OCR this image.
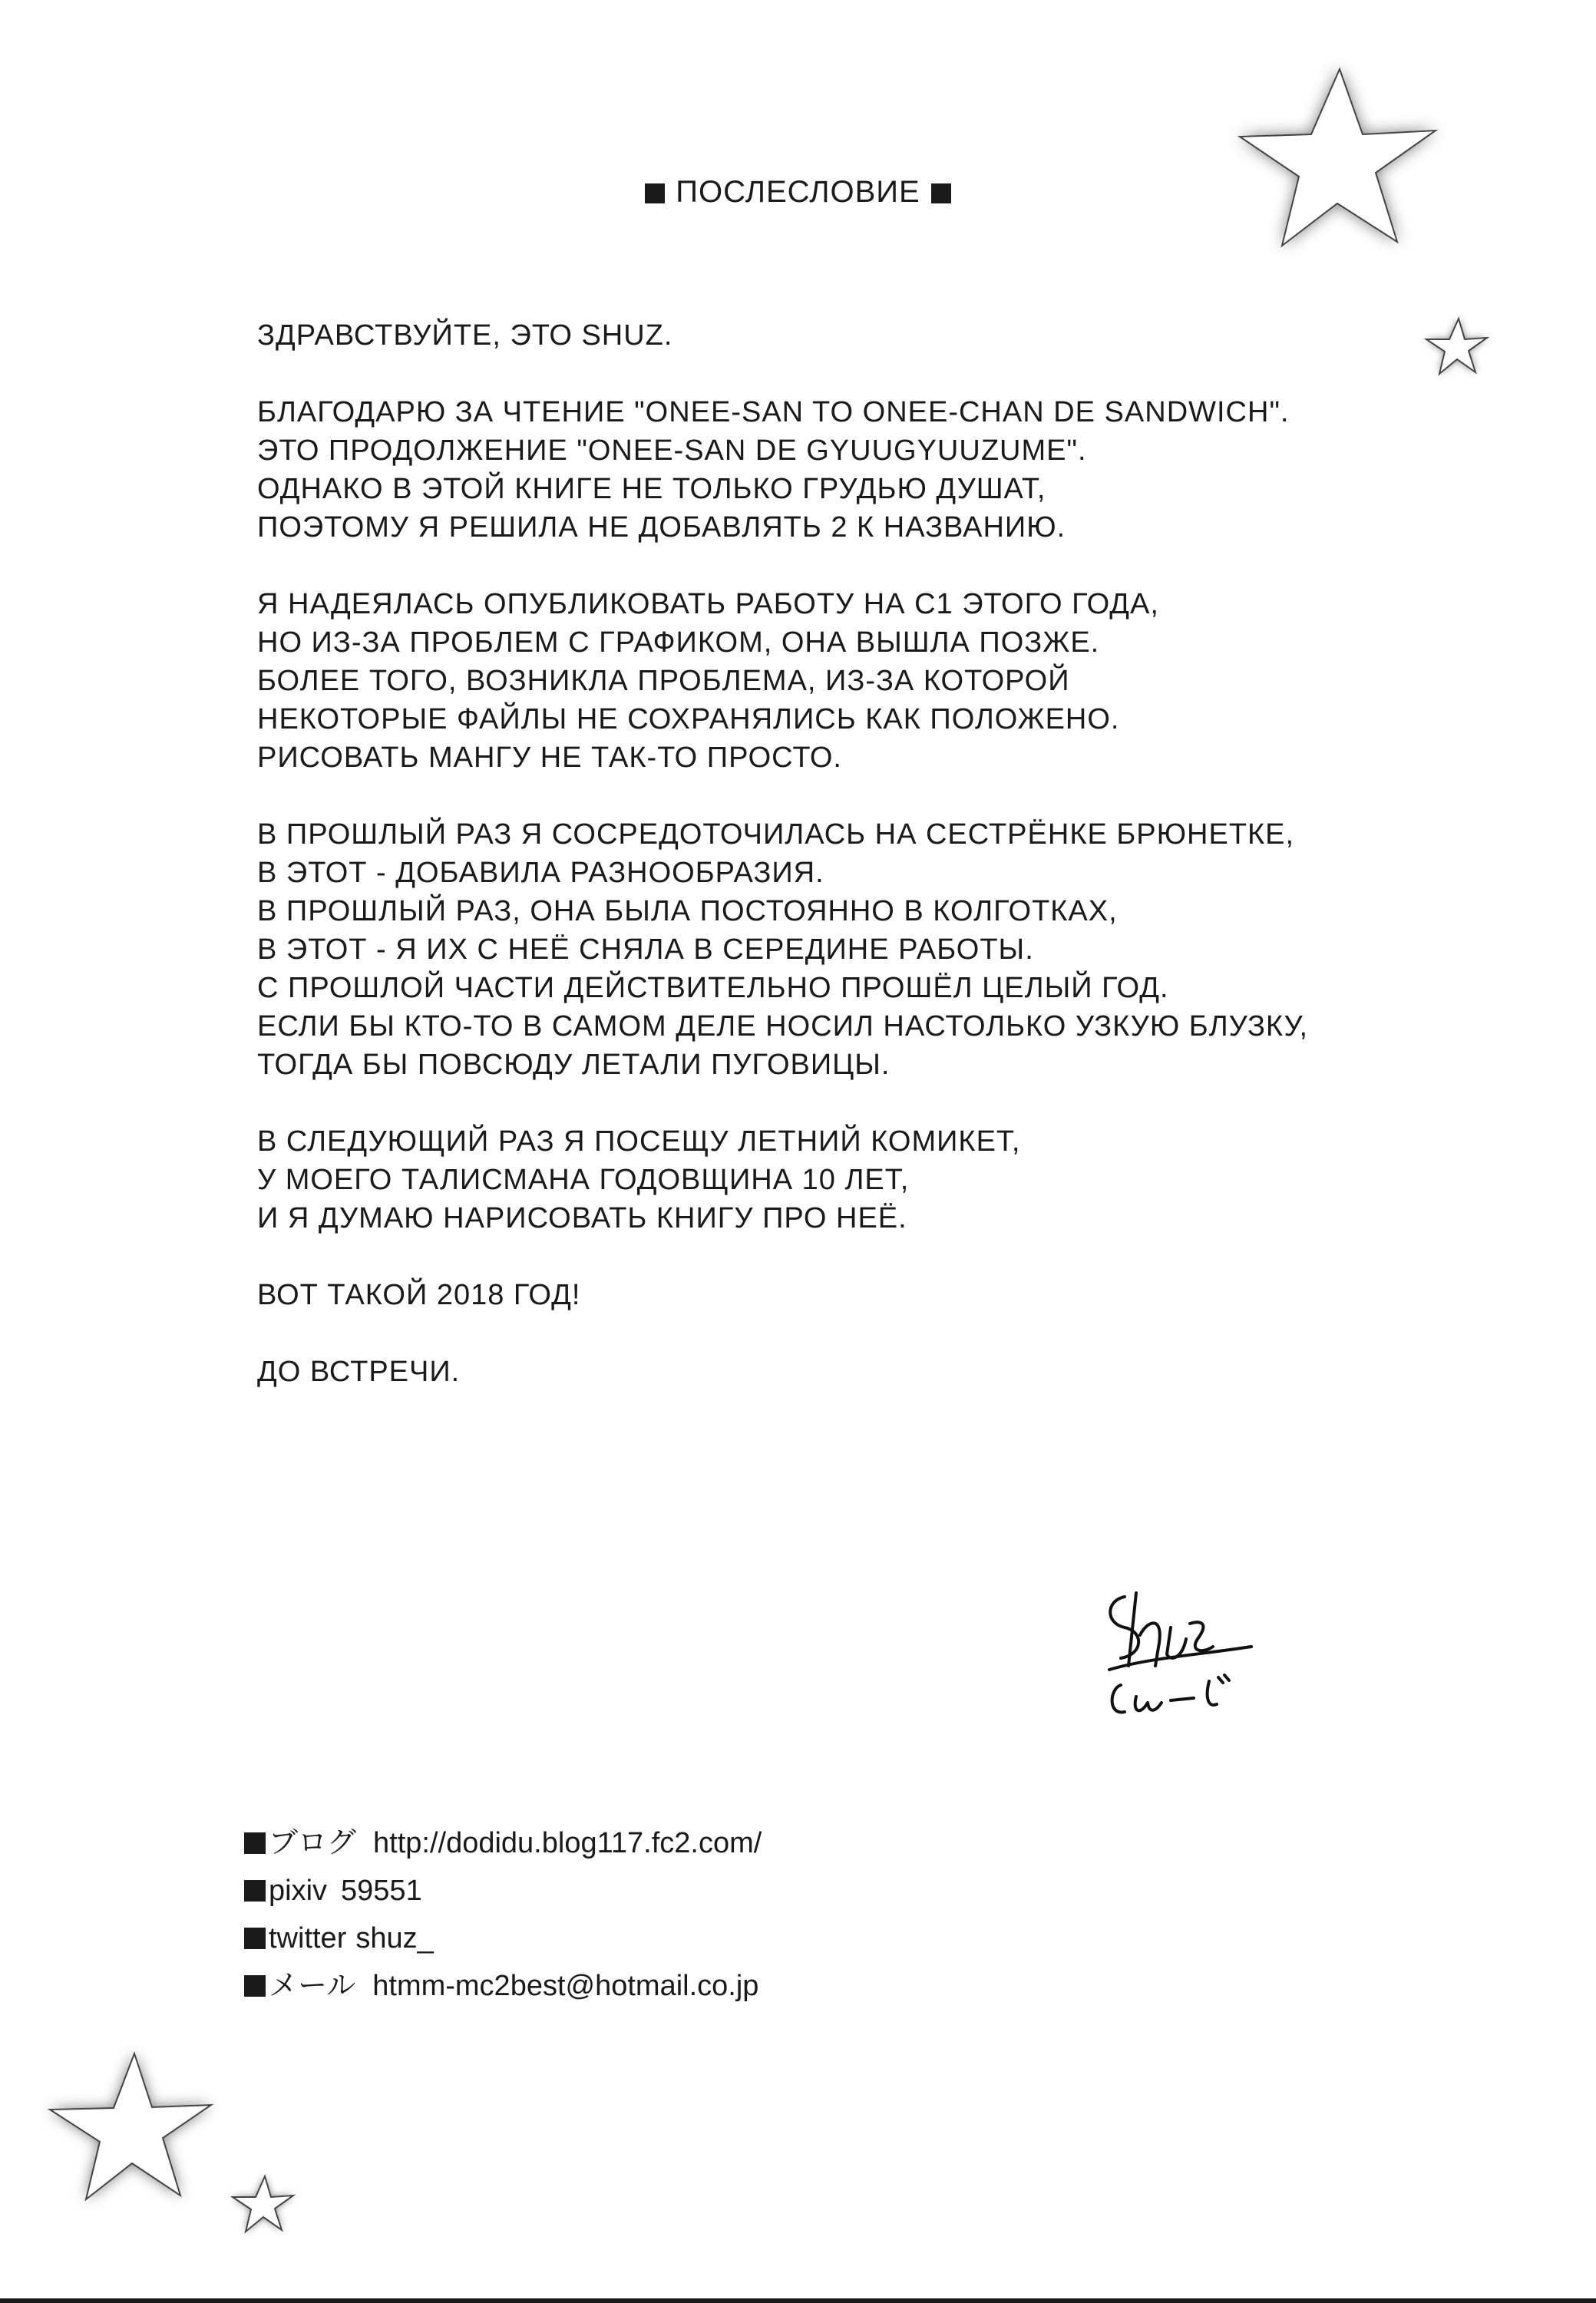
ПОСЛЕСЛОВИЕ
ЗДРАВСТВУЙТЕ, ЭТО SHUZ.
БЛАГОДАРЮ ЗА ЧТЕНИЕ "ONEE-SAN TO ONEE-CHAN DE SANDWICH".
ЭТО ПРОДОЛЖЕНИЕ "ONEE-SAN DE GYUUGYUUZUME".
ОДНАКО В ЭТОЙ КНИГЕ НЕ ТОЛЬКО ГРУДЬЮ ДУШАТ,
ПОЭТОМУ Я РЕШИЛА НЕ ДОБАВЛЯТЬ 2 К НАЗВАНИЮ.
Я НАДЕЯЛАСЬ ОПУБЛИКОВАТЬ РАБОТУ НА С1 ЭТОГО ГОДА,
НО ИЗ-ЗА ПРОБЛЕМ С ГРАФИКОМ, ОНА ВЫШЛА ПОЗЖЕ.
БОЛЕЕ ТОГО, ВОЗНИКЛА ПРОБЛЕМА, ИЗ-ЗА КОТОРОЙ
НЕКОТОРЫЕ ФАЙЛЫ НЕ СОХРАНЯЛИСЬ КАК ПОЛОЖЕНО.
РИСОВАТЬ МАНГУ НЕ ТАК-ТО ПРОСТО.
В ПРОШЛЫЙ РАЗ Я СОСРЕДОТОЧИЛАСЬ НА СЕСТРЁНКЕ БРЮНЕТКЕ,
В ЭТОТ - ДОБАВИЛА РАЗНООБРАЗИЯ.
В ПРОШЛЫЙ РАЗ, ОНА БЫЛА ПОСТОЯННО В КОЛГОТКАХ,
В ЭТОТ - Я ИХ С НЕЁ СНЯЛА В СЕРЕДИНЕ РАБОТЫ.
С ПРОШЛОЙ ЧАСТИ ДЕЙСТВИТЕЛЬНО ПРОШЁЛ ЦЕЛЫЙ ГОД.
ЕСЛИ БЫ КТО-ТО В САМОМ ДЕЛЕ НОСИЛ НАСТОЛЬКО УЗКУЮ БЛУЗКУ,
ТОГДА БЫ ПОВСЮДУ ЛЕТАЛИ ПУГОВИЦЫ.
В СЛЕДУЮЩИЙ РАЗ Я ПОСЕЩУ ЛЕТНИЙ КОМИКЕТ,
У МОЕГО ТАЛИСМАНА ГОДОВЩИНА 10 ЛЕТ,
И Я ДУМАЮ НАРИСОВАТЬ КНИГУ ПРО НЕЁ.
ВОТ ТАКОЙ 2018 ГОД!
ДО ВСТРЕЧИ.
ブログ http://dodidu.blog117.fc2.com/
pixiv 59551
twitter shuz_
メール htmm-mc2best@hotmail.co.jp
